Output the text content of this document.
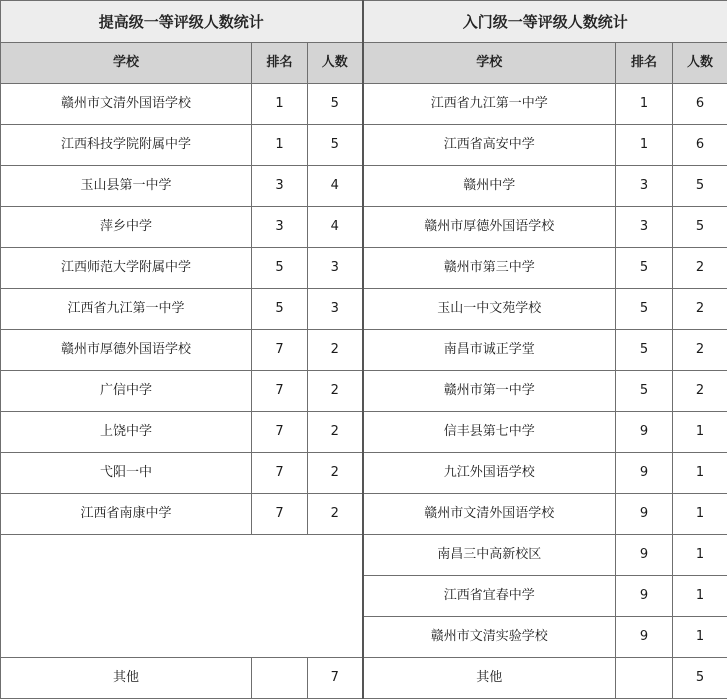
提高级一等评级人数统计			入门级一等评级人数统计		
学校	排名	人数	学校	排名	人数
赣州市文清外国语学校	1	5	江西省九江第一中学	1	6
江西科技学院附属中学	1	5	江西省高安中学	1	6
玉山县第一中学	3	4	赣州中学	3	5
萍乡中学	3	4	赣州市厚德外国语学校	3	5
江西师范大学附属中学	5	3	赣州市第三中学	5	2
江西省九江第一中学	5	3	玉山一中文苑学校	5	2
赣州市厚德外国语学校	7	2	南昌市诚正学堂	5	2
广信中学	7	2	赣州市第一中学	5	2
上饶中学	7	2	信丰县第七中学	9	1
弋阳一中	7	2	九江外国语学校	9	1
江西省南康中学	7	2	赣州市文清外国语学校	9	1
			南昌三中高新校区	9	1
			江西省宜春中学	9	1
			赣州市文清实验学校	9	1
其他		7	其他		5
